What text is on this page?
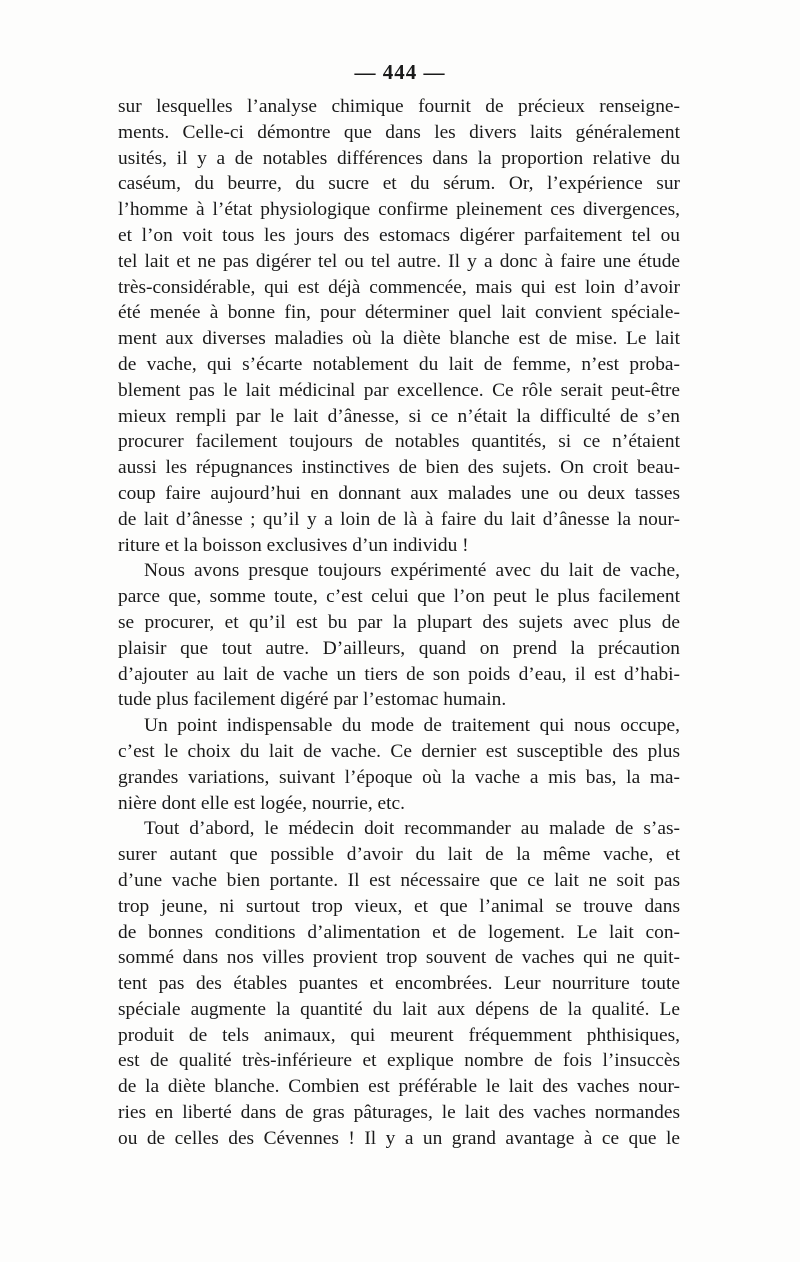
— 444 —
sur lesquelles l’analyse chimique fournit de précieux renseigne-
ments. Celle-ci démontre que dans les divers laits généralement
usités, il y a de notables différences dans la proportion relative du
caséum, du beurre, du sucre et du sérum. Or, l’expérience sur
l’homme à l’état physiologique confirme pleinement ces divergences,
et l’on voit tous les jours des estomacs digérer parfaitement tel ou
tel lait et ne pas digérer tel ou tel autre. Il y a donc à faire une étude
très-considérable, qui est déjà commencée, mais qui est loin d’avoir
été menée à bonne fin, pour déterminer quel lait convient spéciale-
ment aux diverses maladies où la diète blanche est de mise. Le lait
de vache, qui s’écarte notablement du lait de femme, n’est proba-
blement pas le lait médicinal par excellence. Ce rôle serait peut-être
mieux rempli par le lait d’ânesse, si ce n’était la difficulté de s’en
procurer facilement toujours de notables quantités, si ce n’étaient
aussi les répugnances instinctives de bien des sujets. On croit beau-
coup faire aujourd’hui en donnant aux malades une ou deux tasses
de lait d’ânesse ; qu’il y a loin de là à faire du lait d’ânesse la nour-
riture et la boisson exclusives d’un individu !
Nous avons presque toujours expérimenté avec du lait de vache,
parce que, somme toute, c’est celui que l’on peut le plus facilement
se procurer, et qu’il est bu par la plupart des sujets avec plus de
plaisir que tout autre. D’ailleurs, quand on prend la précaution
d’ajouter au lait de vache un tiers de son poids d’eau, il est d’habi-
tude plus facilement digéré par l’estomac humain.
Un point indispensable du mode de traitement qui nous occupe,
c’est le choix du lait de vache. Ce dernier est susceptible des plus
grandes variations, suivant l’époque où la vache a mis bas, la ma-
nière dont elle est logée, nourrie, etc.
Tout d’abord, le médecin doit recommander au malade de s’as-
surer autant que possible d’avoir du lait de la même vache, et
d’une vache bien portante. Il est nécessaire que ce lait ne soit pas
trop jeune, ni surtout trop vieux, et que l’animal se trouve dans
de bonnes conditions d’alimentation et de logement. Le lait con-
sommé dans nos villes provient trop souvent de vaches qui ne quit-
tent pas des étables puantes et encombrées. Leur nourriture toute
spéciale augmente la quantité du lait aux dépens de la qualité. Le
produit de tels animaux, qui meurent fréquemment phthisiques,
est de qualité très-inférieure et explique nombre de fois l’insuccès
de la diète blanche. Combien est préférable le lait des vaches nour-
ries en liberté dans de gras pâturages, le lait des vaches normandes
ou de celles des Cévennes ! Il y a un grand avantage à ce que le
